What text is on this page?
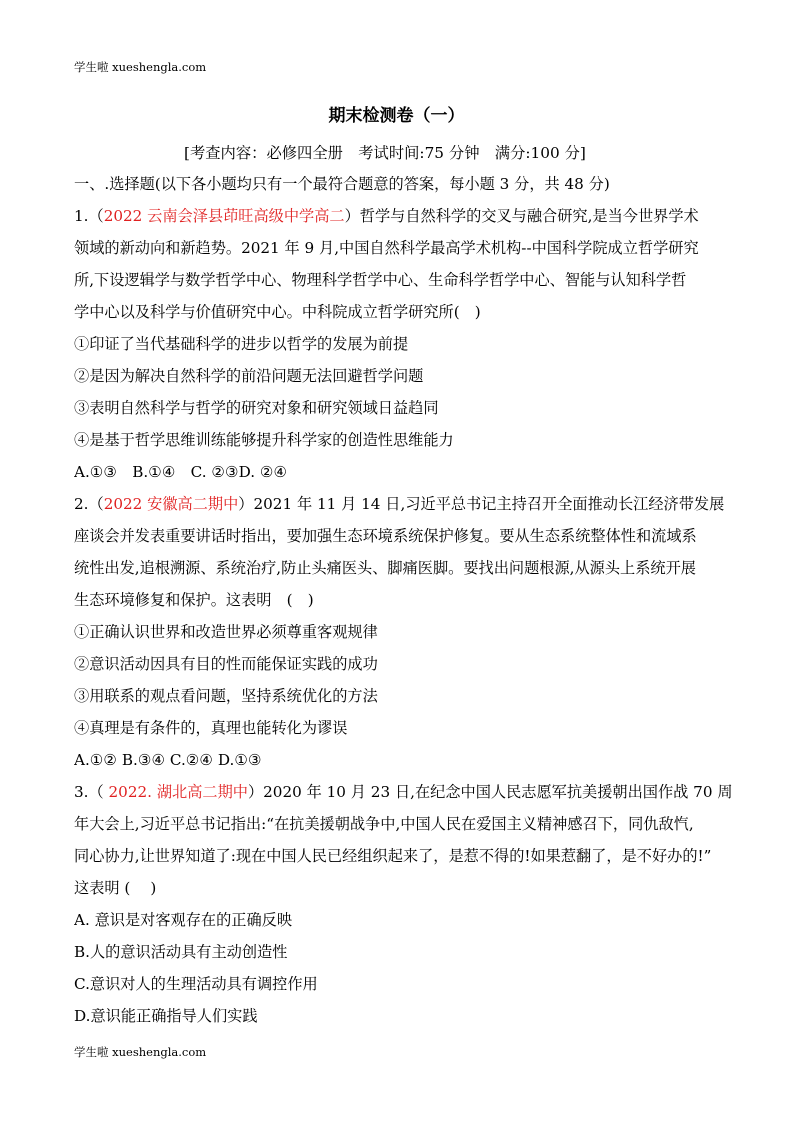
学生啦 xueshengla.com
期末检测卷（一）
[考查内容：必修四全册　考试时间:75 分钟　满分:100 分]
一、.选择题(以下各小题均只有一个最符合题意的答案，每小题 3 分，共 48 分)
1.（2022 云南会泽县茚旺高级中学高二）哲学与自然科学的交叉与融合研究,是当今世界学术
领域的新动向和新趋势。2021 年 9 月,中国自然科学最高学术机构--中国科学院成立哲学研究
所,下设逻辑学与数学哲学中心、物理科学哲学中心、生命科学哲学中心、智能与认知科学哲
学中心以及科学与价值研究中心。中科院成立哲学研究所(　)
①印证了当代基础科学的进步以哲学的发展为前提
②是因为解决自然科学的前沿问题无法回避哲学问题
③表明自然科学与哲学的研究对象和研究领域日益趋同
④是基于哲学思维训练能够提升科学家的创造性思维能力
A.①③　B.①④　C. ②③D. ②④
2.（2022 安徽高二期中）2021 年 11 月 14 日,习近平总书记主持召开全面推动长江经济带发展
座谈会并发表重要讲话时指出，要加强生态环境系统保护修复。要从生态系统整体性和流域系
统性出发,追根溯源、系统治疗,防止头痛医头、脚痛医脚。要找出问题根源,从源头上系统开展
生态环境修复和保护。这表明　(　)
①正确认识世界和改造世界必须尊重客观规律
②意识活动因具有目的性而能保证实践的成功
③用联系的观点看问题，坚持系统优化的方法
④真理是有条件的，真理也能转化为谬误
A.①② B.③④ C.②④ D.①③
3.（ 2022. 湖北高二期中）2020 年 10 月 23 日,在纪念中国人民志愿军抗美援朝出国作战 70 周
年大会上,习近平总书记指出:“在抗美援朝战争中,中国人民在爱国主义精神感召下，同仇敌忾,
同心协力,让世界知道了:现在中国人民已经组织起来了，是惹不得的!如果惹翻了，是不好办的!”
这表明 (　 )
A. 意识是对客观存在的正确反映
B.人的意识活动具有主动创造性
C.意识对人的生理活动具有调控作用
D.意识能正确指导人们实践
学生啦 xueshengla.com
